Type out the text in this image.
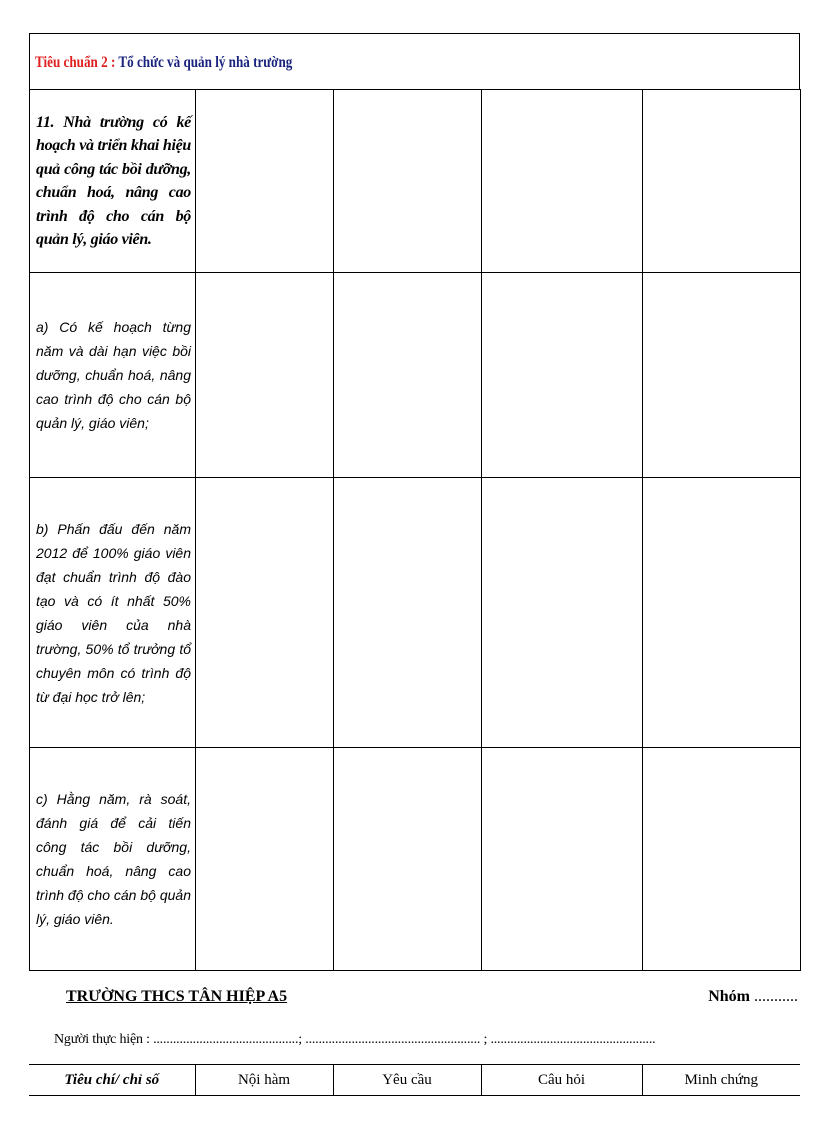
Tiêu chuẩn 2 : Tổ chức và quản lý nhà trường
11. Nhà trường có kế hoạch và triển khai hiệu quả công tác bồi dưỡng, chuẩn hoá, nâng cao trình độ cho cán bộ quản lý, giáo viên.				

a) Có kế hoạch từng năm và dài hạn việc bồi dưỡng, chuẩn hoá, nâng cao trình độ cho cán bộ quản lý, giáo viên;				

b) Phấn đấu đến năm 2012 để 100% giáo viên đạt chuẩn trình độ đào tạo và có ít nhất 50% giáo viên của nhà trường, 50% tổ trưởng tổ chuyên môn có trình độ từ đại học trở lên;				

c) Hằng năm, rà soát, đánh giá để cải tiến công tác bồi dưỡng, chuẩn hoá, nâng cao trình độ cho cán bộ quản lý, giáo viên.				

TRƯỜNG THCS TÂN HIỆP A5	Nhóm ...........
Người thực hiện : ............................................; ..................................................... ; ..................................................
Tiêu chí/ chỉ số	Nội hàm	Yêu cầu	Câu hỏi	Minh chứng
